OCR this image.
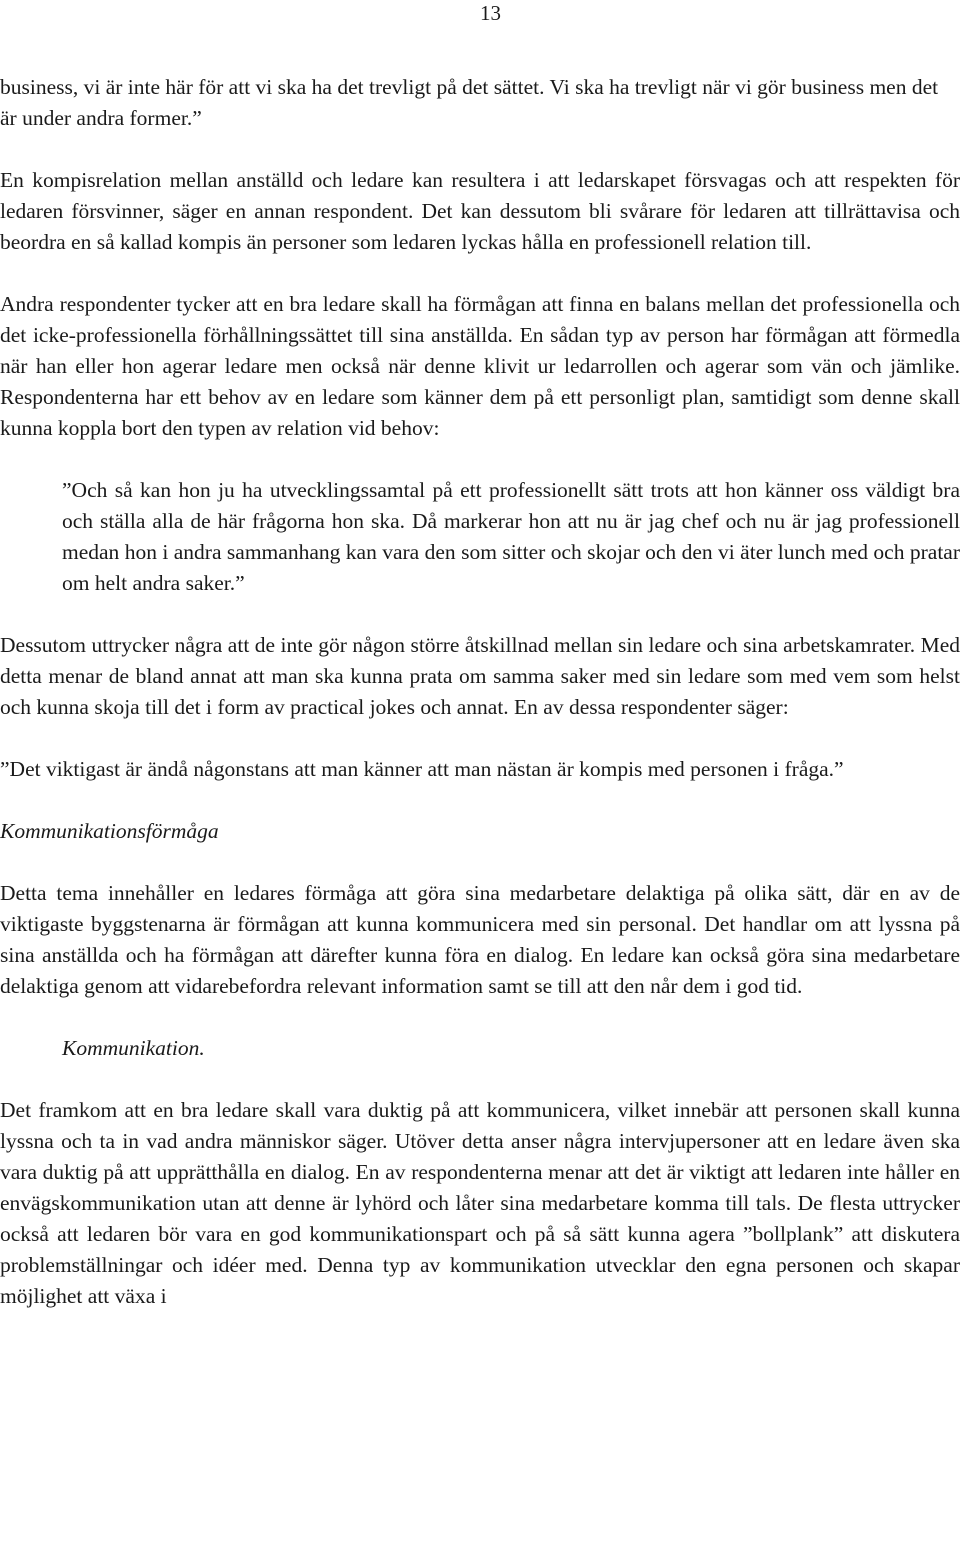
13

business, vi är inte här för att vi ska ha det trevligt på det sättet. Vi ska ha trevligt när vi gör business men det är under andra former.”

En kompisrelation mellan anställd och ledare kan resultera i att ledarskapet försvagas och att respekten för ledaren försvinner, säger en annan respondent. Det kan dessutom bli svårare för ledaren att tillrättavisa och beordra en så kallad kompis än personer som ledaren lyckas hålla en professionell relation till.

Andra respondenter tycker att en bra ledare skall ha förmågan att finna en balans mellan det professionella och det icke-professionella förhållningssättet till sina anställda. En sådan typ av person har förmågan att förmedla när han eller hon agerar ledare men också när denne klivit ur ledarrollen och agerar som vän och jämlike. Respondenterna har ett behov av en ledare som känner dem på ett personligt plan, samtidigt som denne skall kunna koppla bort den typen av relation vid behov:

”Och så kan hon ju ha utvecklingssamtal på ett professionellt sätt trots att hon känner oss väldigt bra och ställa alla de här frågorna hon ska. Då markerar hon att nu är jag chef och nu är jag professionell medan hon i andra sammanhang kan vara den som sitter och skojar och den vi äter lunch med och pratar om helt andra saker.”

Dessutom uttrycker några att de inte gör någon större åtskillnad mellan sin ledare och sina arbetskamrater. Med detta menar de bland annat att man ska kunna prata om samma saker med sin ledare som med vem som helst och kunna skoja till det i form av practical jokes och annat. En av dessa respondenter säger:

”Det viktigast är ändå någonstans att man känner att man nästan är kompis med personen i fråga.”

Kommunikationsförmåga

Detta tema innehåller en ledares förmåga att göra sina medarbetare delaktiga på olika sätt, där en av de viktigaste byggstenarna är förmågan att kunna kommunicera med sin personal. Det handlar om att lyssna på sina anställda och ha förmågan att därefter kunna föra en dialog. En ledare kan också göra sina medarbetare delaktiga genom att vidarebefordra relevant information samt se till att den når dem i god tid.

Kommunikation.

Det framkom att en bra ledare skall vara duktig på att kommunicera, vilket innebär att personen skall kunna lyssna och ta in vad andra människor säger. Utöver detta anser några intervjupersoner att en ledare även ska vara duktig på att upprätthålla en dialog. En av respondenterna menar att det är viktigt att ledaren inte håller en envägskommunikation utan att denne är lyhörd och låter sina medarbetare komma till tals. De flesta uttrycker också att ledaren bör vara en god kommunikationspart och på så sätt kunna agera ”bollplank” att diskutera problemställningar och idéer med. Denna typ av kommunikation utvecklar den egna personen och skapar möjlighet att växa i
